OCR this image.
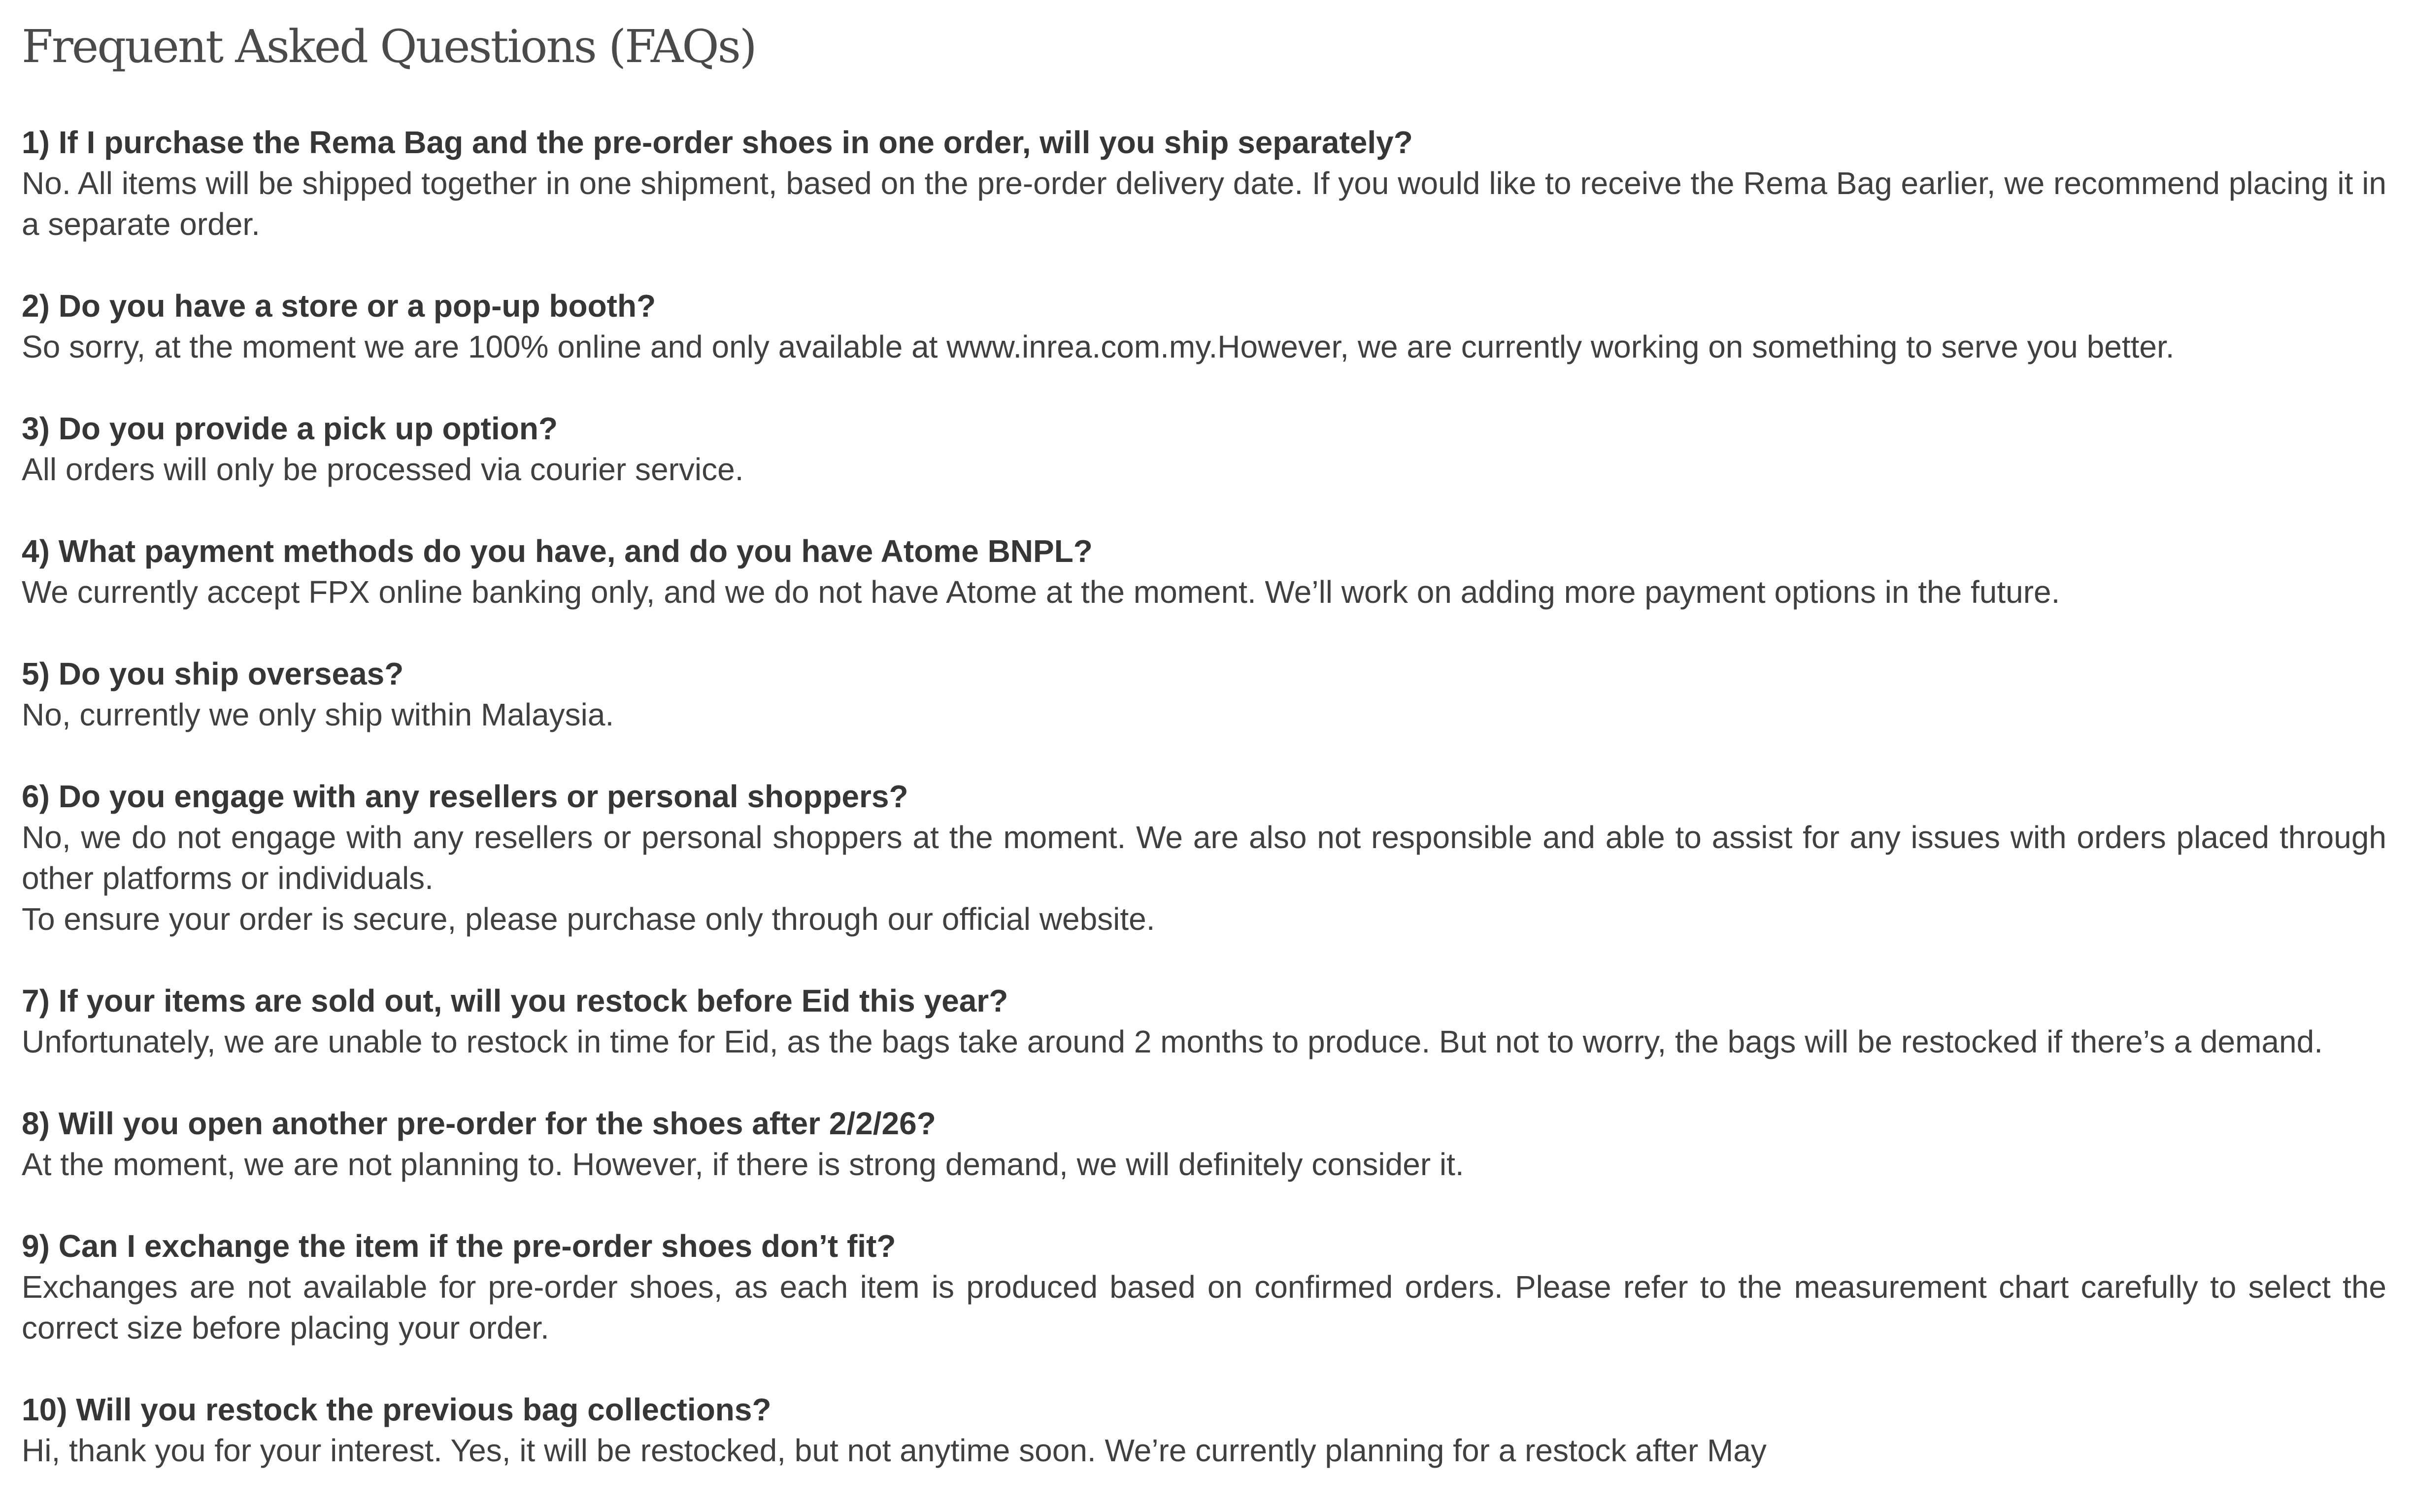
Frequent Asked Questions (FAQs)
1) If I purchase the Rema Bag and the pre-order shoes in one order, will you ship separately?
No. All items will be shipped together in one shipment, based on the pre-order delivery date. If you would like to receive the Rema Bag earlier, we recommend placing it in a separate order.
2) Do you have a store or a pop-up booth?
So sorry, at the moment we are 100% online and only available at www.inrea.com.my.However, we are currently working on something to serve you better.
3) Do you provide a pick up option?
All orders will only be processed via courier service.
4) What payment methods do you have, and do you have Atome BNPL?
We currently accept FPX online banking only, and we do not have Atome at the moment. We’ll work on adding more payment options in the future.
5) Do you ship overseas?
No, currently we only ship within Malaysia.
6) Do you engage with any resellers or personal shoppers?
No, we do not engage with any resellers or personal shoppers at the moment. We are also not responsible and able to assist for any issues with orders placed through other platforms or individuals.
To ensure your order is secure, please purchase only through our official website.
7) If your items are sold out, will you restock before Eid this year?
Unfortunately, we are unable to restock in time for Eid, as the bags take around 2 months to produce. But not to worry, the bags will be restocked if there’s a demand.
8) Will you open another pre-order for the shoes after 2/2/26?
At the moment, we are not planning to. However, if there is strong demand, we will definitely consider it.
9) Can I exchange the item if the pre-order shoes don’t fit?
Exchanges are not available for pre-order shoes, as each item is produced based on confirmed orders. Please refer to the measurement chart carefully to select the correct size before placing your order.
10) Will you restock the previous bag collections?
Hi, thank you for your interest. Yes, it will be restocked, but not anytime soon. We’re currently planning for a restock after May
